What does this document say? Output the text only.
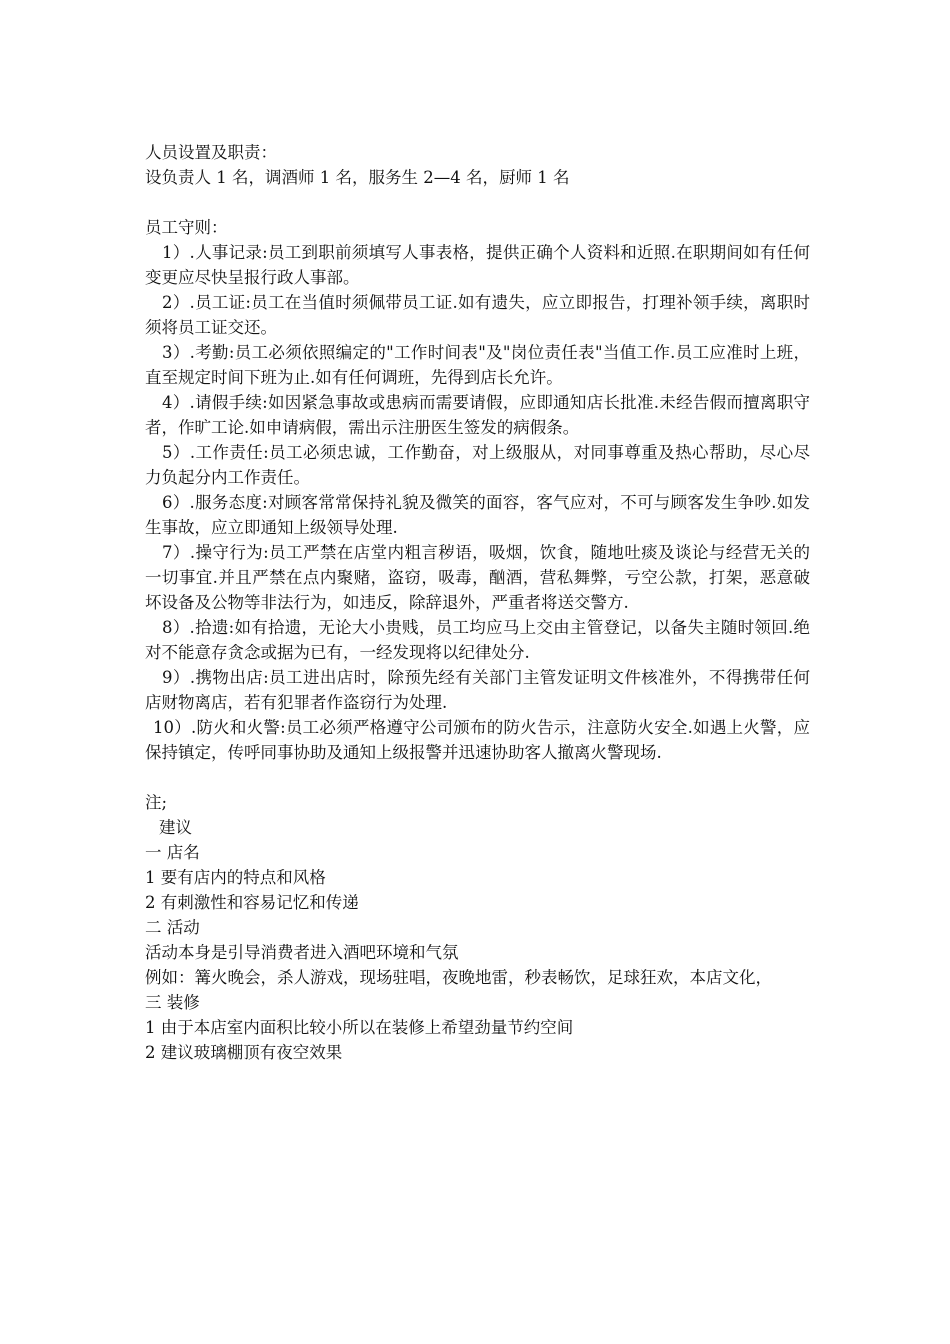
人员设置及职责：

设负责人 1 名，调酒师 1 名，服务生 2—4 名，厨师 1 名

员工守则：

1）.人事记录:员工到职前须填写人事表格，提供正确个人资料和近照.在职期间如有任何变更应尽快呈报行政人事部。

2）.员工证:员工在当值时须佩带员工证.如有遗失，应立即报告，打理补领手续，离职时须将员工证交还。

3）.考勤:员工必须依照编定的"工作时间表"及"岗位责任表"当值工作.员工应准时上班，直至规定时间下班为止.如有任何调班，先得到店长允许。

4）.请假手续:如因紧急事故或患病而需要请假，应即通知店长批准.未经告假而擅离职守者，作旷工论.如申请病假，需出示注册医生签发的病假条。

5）.工作责任:员工必须忠诚，工作勤奋，对上级服从，对同事尊重及热心帮助，尽心尽力负起分内工作责任。

6）.服务态度:对顾客常常保持礼貌及微笑的面容，客气应对，不可与顾客发生争吵.如发生事故，应立即通知上级领导处理.

7）.操守行为:员工严禁在店堂内粗言秽语，吸烟，饮食，随地吐痰及谈论与经营无关的一切事宜.并且严禁在点内聚赌，盗窃，吸毒，酗酒，营私舞弊，亏空公款，打架，恶意破坏设备及公物等非法行为，如违反，除辞退外，严重者将送交警方.

8）.拾遗:如有拾遗，无论大小贵贱，员工均应马上交由主管登记，以备失主随时领回.绝对不能意存贪念或据为已有，一经发现将以纪律处分.

9）.携物出店:员工进出店时，除预先经有关部门主管发证明文件核准外，不得携带任何店财物离店，若有犯罪者作盗窃行为处理.

10）.防火和火警:员工必须严格遵守公司颁布的防火告示，注意防火安全.如遇上火警，应保持镇定，传呼同事协助及通知上级报警并迅速协助客人撤离火警现场.

注;

建议

一 店名

1 要有店内的特点和风格

2 有刺激性和容易记忆和传递

二 活动

活动本身是引导消费者进入酒吧环境和气氛

例如：篝火晚会，杀人游戏，现场驻唱，夜晚地雷，秒表畅饮，足球狂欢，本店文化，

三 装修

1 由于本店室内面积比较小所以在装修上希望劲量节约空间

2 建议玻璃棚顶有夜空效果
